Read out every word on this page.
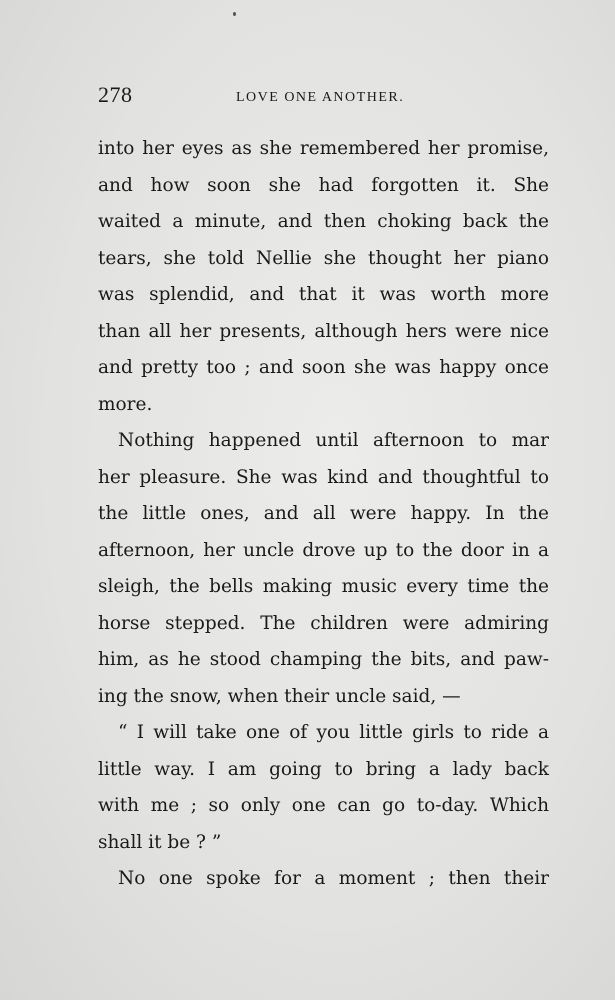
278	LOVE ONE ANOTHER.
into her eyes as she remembered her promise,
and how soon she had forgotten it. She
waited a minute, and then choking back the
tears, she told Nellie she thought her piano
was splendid, and that it was worth more
than all her presents, although hers were nice
and pretty too ; and soon she was happy once
more.
Nothing happened until afternoon to mar
her pleasure. She was kind and thoughtful to
the little ones, and all were happy. In the
afternoon, her uncle drove up to the door in a
sleigh, the bells making music every time the
horse stepped. The children were admiring
him, as he stood champing the bits, and paw-
ing the snow, when their uncle said, —
“ I will take one of you little girls to ride a
little way. I am going to bring a lady back
with me ; so only one can go to-day. Which
shall it be ? ”
No one spoke for a moment ; then their
